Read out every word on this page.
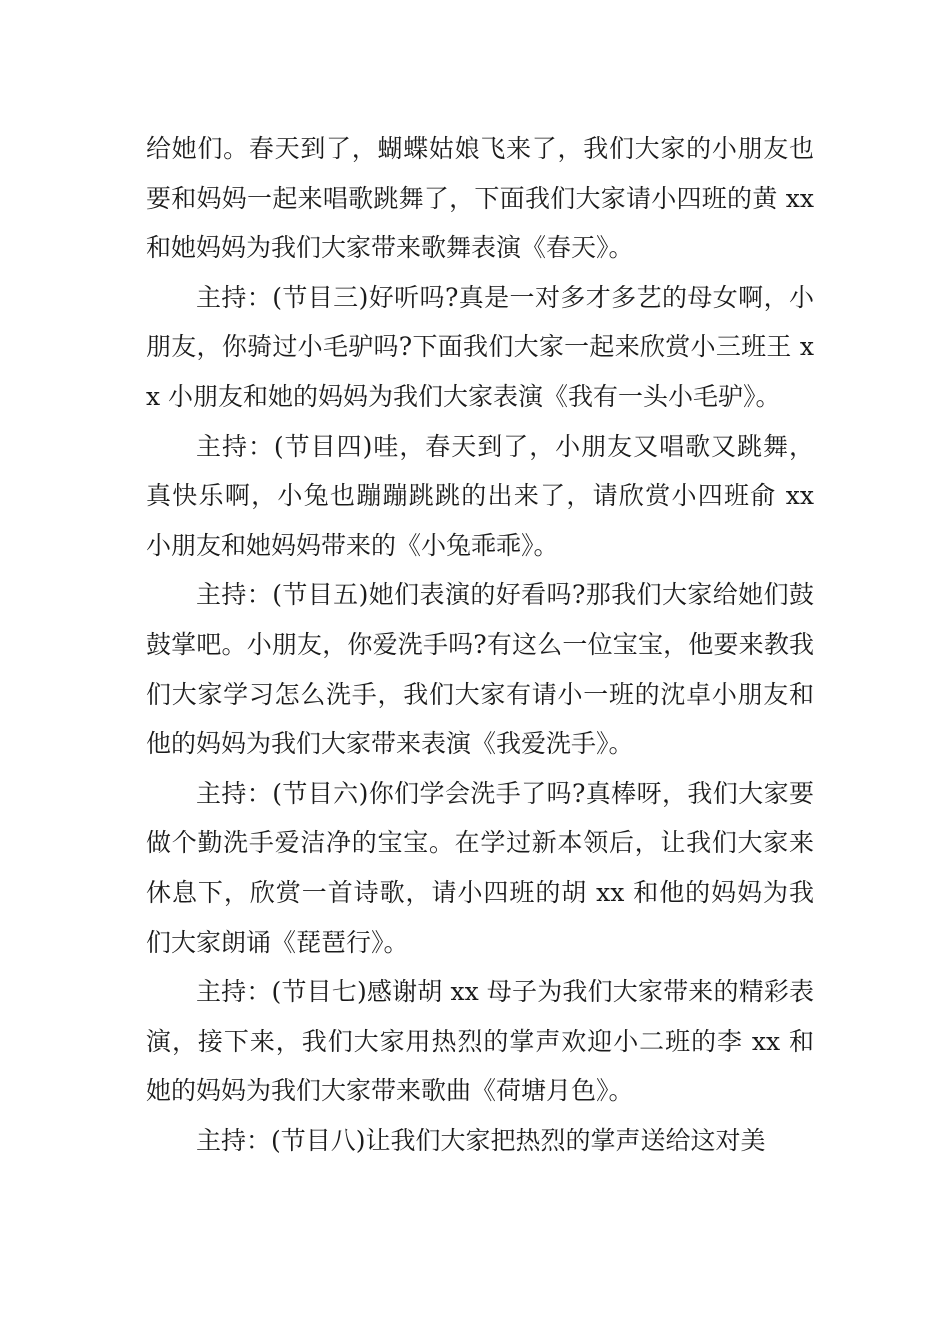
给她们。春天到了，蝴蝶姑娘飞来了，我们大家的小朋友也要和妈妈一起来唱歌跳舞了，下面我们大家请小四班的黄 xx 和她妈妈为我们大家带来歌舞表演《春天》。

主持：(节目三)好听吗?真是一对多才多艺的母女啊，小朋友，你骑过小毛驴吗?下面我们大家一起来欣赏小三班王 xx 小朋友和她的妈妈为我们大家表演《我有一头小毛驴》。

主持：(节目四)哇，春天到了，小朋友又唱歌又跳舞，真快乐啊，小兔也蹦蹦跳跳的出来了，请欣赏小四班俞 xx 小朋友和她妈妈带来的《小兔乖乖》。

主持：(节目五)她们表演的好看吗?那我们大家给她们鼓鼓掌吧。小朋友，你爱洗手吗?有这么一位宝宝，他要来教我们大家学习怎么洗手，我们大家有请小一班的沈卓小朋友和他的妈妈为我们大家带来表演《我爱洗手》。

主持：(节目六)你们学会洗手了吗?真棒呀，我们大家要做个勤洗手爱洁净的宝宝。在学过新本领后，让我们大家来休息下，欣赏一首诗歌，请小四班的胡 xx 和他的妈妈为我们大家朗诵《琵琶行》。

主持：(节目七)感谢胡 xx 母子为我们大家带来的精彩表演，接下来，我们大家用热烈的掌声欢迎小二班的李 xx 和她的妈妈为我们大家带来歌曲《荷塘月色》。

主持：(节目八)让我们大家把热烈的掌声送给这对美
